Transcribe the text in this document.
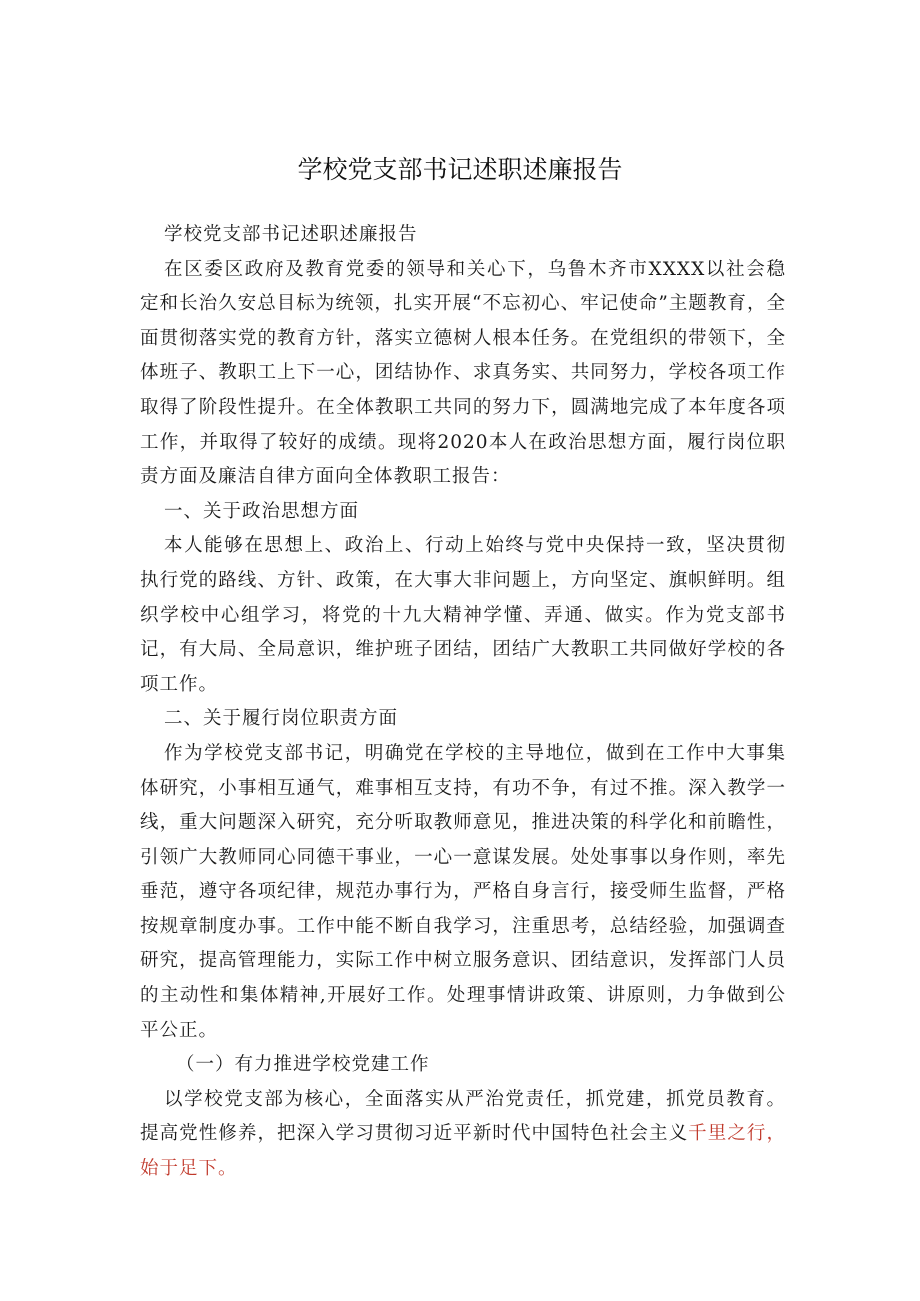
学校党支部书记述职述廉报告

学校党支部书记述职述廉报告

在区委区政府及教育党委的领导和关心下，乌鲁木齐市XXXX以社会稳定和长治久安总目标为统领，扎实开展“不忘初心、牢记使命”主题教育，全面贯彻落实党的教育方针，落实立德树人根本任务。在党组织的带领下，全体班子、教职工上下一心，团结协作、求真务实、共同努力，学校各项工作取得了阶段性提升。在全体教职工共同的努力下，圆满地完成了本年度各项工作，并取得了较好的成绩。现将2020本人在政治思想方面，履行岗位职责方面及廉洁自律方面向全体教职工报告：

一、关于政治思想方面

本人能够在思想上、政治上、行动上始终与党中央保持一致，坚决贯彻执行党的路线、方针、政策，在大事大非问题上，方向坚定、旗帜鲜明。组织学校中心组学习，将党的十九大精神学懂、弄通、做实。作为党支部书记，有大局、全局意识，维护班子团结，团结广大教职工共同做好学校的各项工作。

二、关于履行岗位职责方面

作为学校党支部书记，明确党在学校的主导地位，做到在工作中大事集体研究，小事相互通气，难事相互支持，有功不争，有过不推。深入教学一线，重大问题深入研究，充分听取教师意见，推进决策的科学化和前瞻性，引领广大教师同心同德干事业，一心一意谋发展。处处事事以身作则，率先垂范，遵守各项纪律，规范办事行为，严格自身言行，接受师生监督，严格按规章制度办事。工作中能不断自我学习，注重思考，总结经验，加强调查研究，提高管理能力，实际工作中树立服务意识、团结意识，发挥部门人员的主动性和集体精神,开展好工作。处理事情讲政策、讲原则，力争做到公平公正。

（一）有力推进学校党建工作

以学校党支部为核心，全面落实从严治党责任，抓党建，抓党员教育。提高党性修养，把深入学习贯彻习近平新时代中国特色社会主义千里之行，始于足下。
